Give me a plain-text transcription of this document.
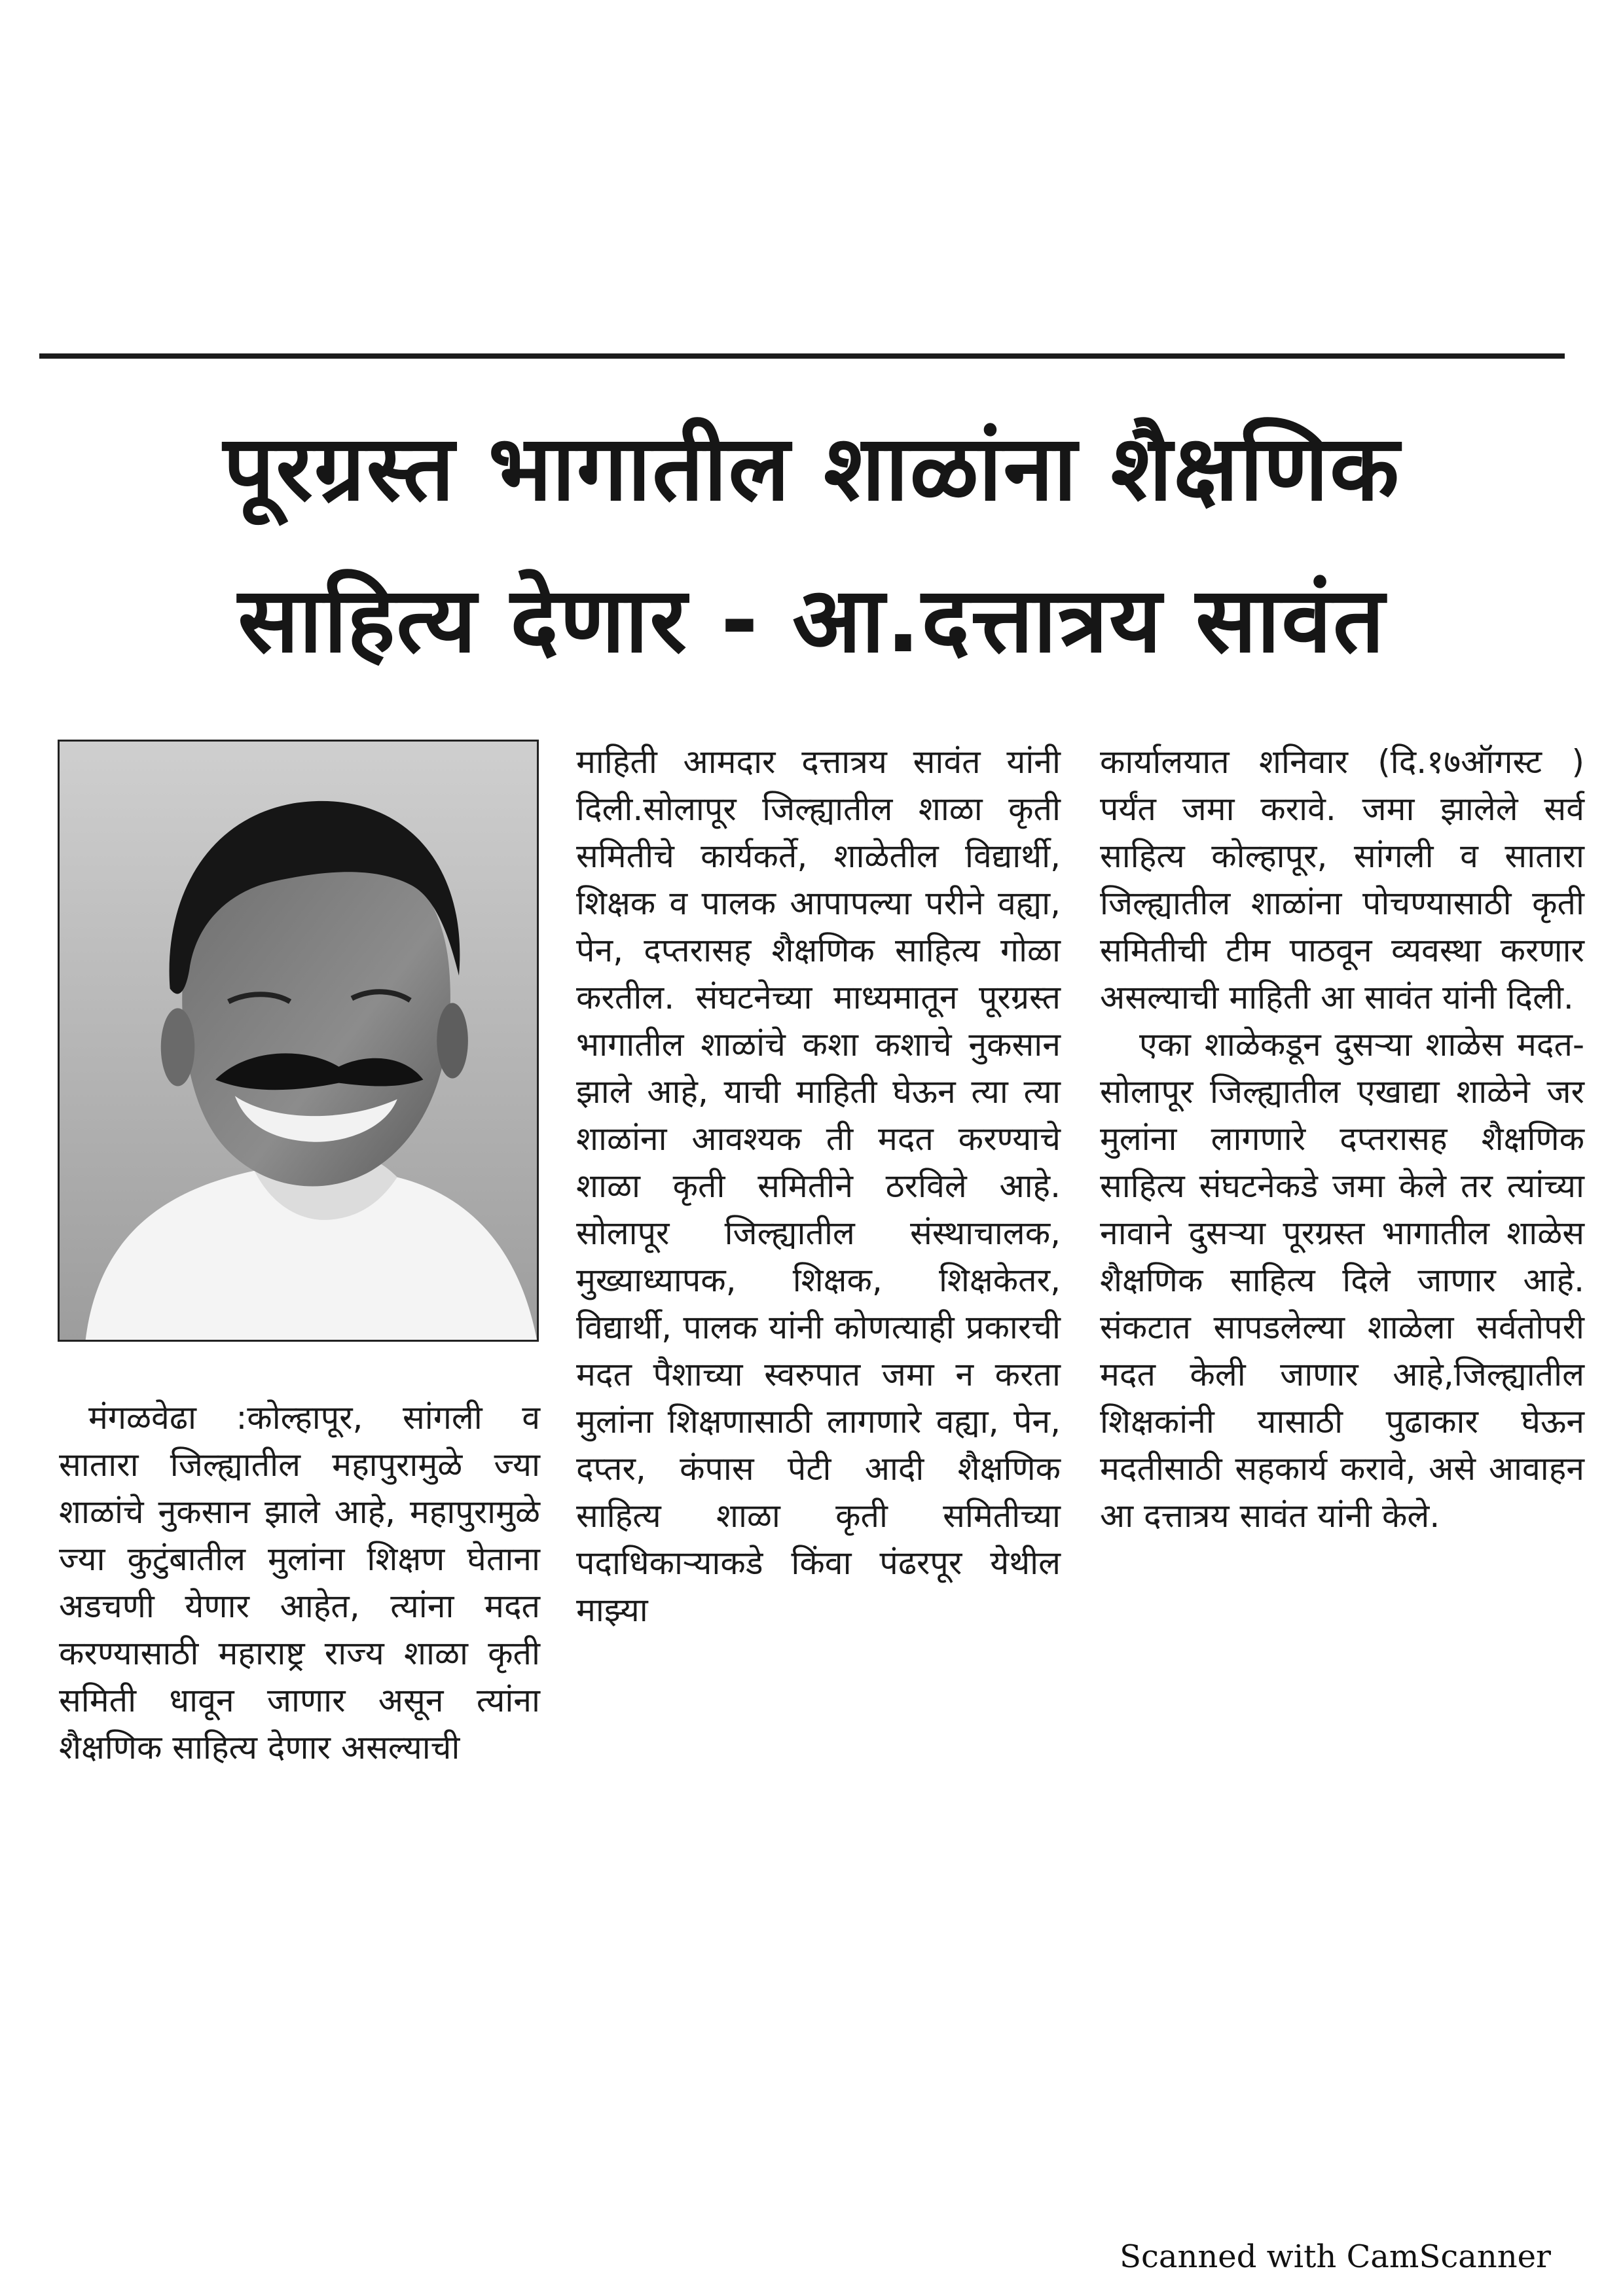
पूरग्रस्त भागातील शाळांना शैक्षणिक
साहित्य देणार - आ.दत्तात्रय सावंत

मंगळवेढा :कोल्हापूर, सांगली व सातारा जिल्ह्यातील महापुरामुळे ज्या शाळांचे नुकसान झाले आहे, महापुरामुळे ज्या कुटुंबातील मुलांना शिक्षण घेताना अडचणी येणार आहेत, त्यांना मदत करण्यासाठी महाराष्ट्र राज्य शाळा कृती समिती धावून जाणार असून त्यांना शैक्षणिक साहित्य देणार असल्याची

माहिती आमदार दत्तात्रय सावंत यांनी दिली.सोलापूर जिल्ह्यातील शाळा कृती समितीचे कार्यकर्ते, शाळेतील विद्यार्थी, शिक्षक व पालक आपापल्या परीने वह्या, पेन, दप्तरासह शैक्षणिक साहित्य गोळा करतील. संघटनेच्या माध्यमातून पूरग्रस्त भागातील शाळांचे कशा कशाचे नुकसान झाले आहे, याची माहिती घेऊन त्या त्या शाळांना आवश्यक ती मदत करण्याचे शाळा कृती समितीने ठरविले आहे. सोलापूर जिल्ह्यातील संस्थाचालक, मुख्याध्यापक, शिक्षक, शिक्षकेतर, विद्यार्थी, पालक यांनी कोणत्याही प्रकारची मदत पैशाच्या स्वरुपात जमा न करता मुलांना शिक्षणासाठी लागणारे वह्या, पेन, दप्तर, कंपास पेटी आदी शैक्षणिक साहित्य शाळा कृती समितीच्या पदाधिकाऱ्याकडे किंवा पंढरपूर येथील माझ्या

कार्यालयात शनिवार (दि.१७ऑगस्ट ) पर्यंत जमा करावे. जमा झालेले सर्व साहित्य कोल्हापूर, सांगली व सातारा जिल्ह्यातील शाळांना पोचण्यासाठी कृती समितीची टीम पाठवून व्यवस्था करणार असल्याची माहिती आ सावंत यांनी दिली.
एका शाळेकडून दुसऱ्या शाळेस मदत-सोलापूर जिल्ह्यातील एखाद्या शाळेने जर मुलांना लागणारे दप्तरासह शैक्षणिक साहित्य संघटनेकडे जमा केले तर त्यांच्या नावाने दुसऱ्या पूरग्रस्त भागातील शाळेस शैक्षणिक साहित्य दिले जाणार आहे. संकटात सापडलेल्या शाळेला सर्वतोपरी मदत केली जाणार आहे,जिल्ह्यातील शिक्षकांनी यासाठी पुढाकार घेऊन मदतीसाठी सहकार्य करावे, असे आवाहन आ दत्तात्रय सावंत यांनी केले.
Scanned with CamScanner
